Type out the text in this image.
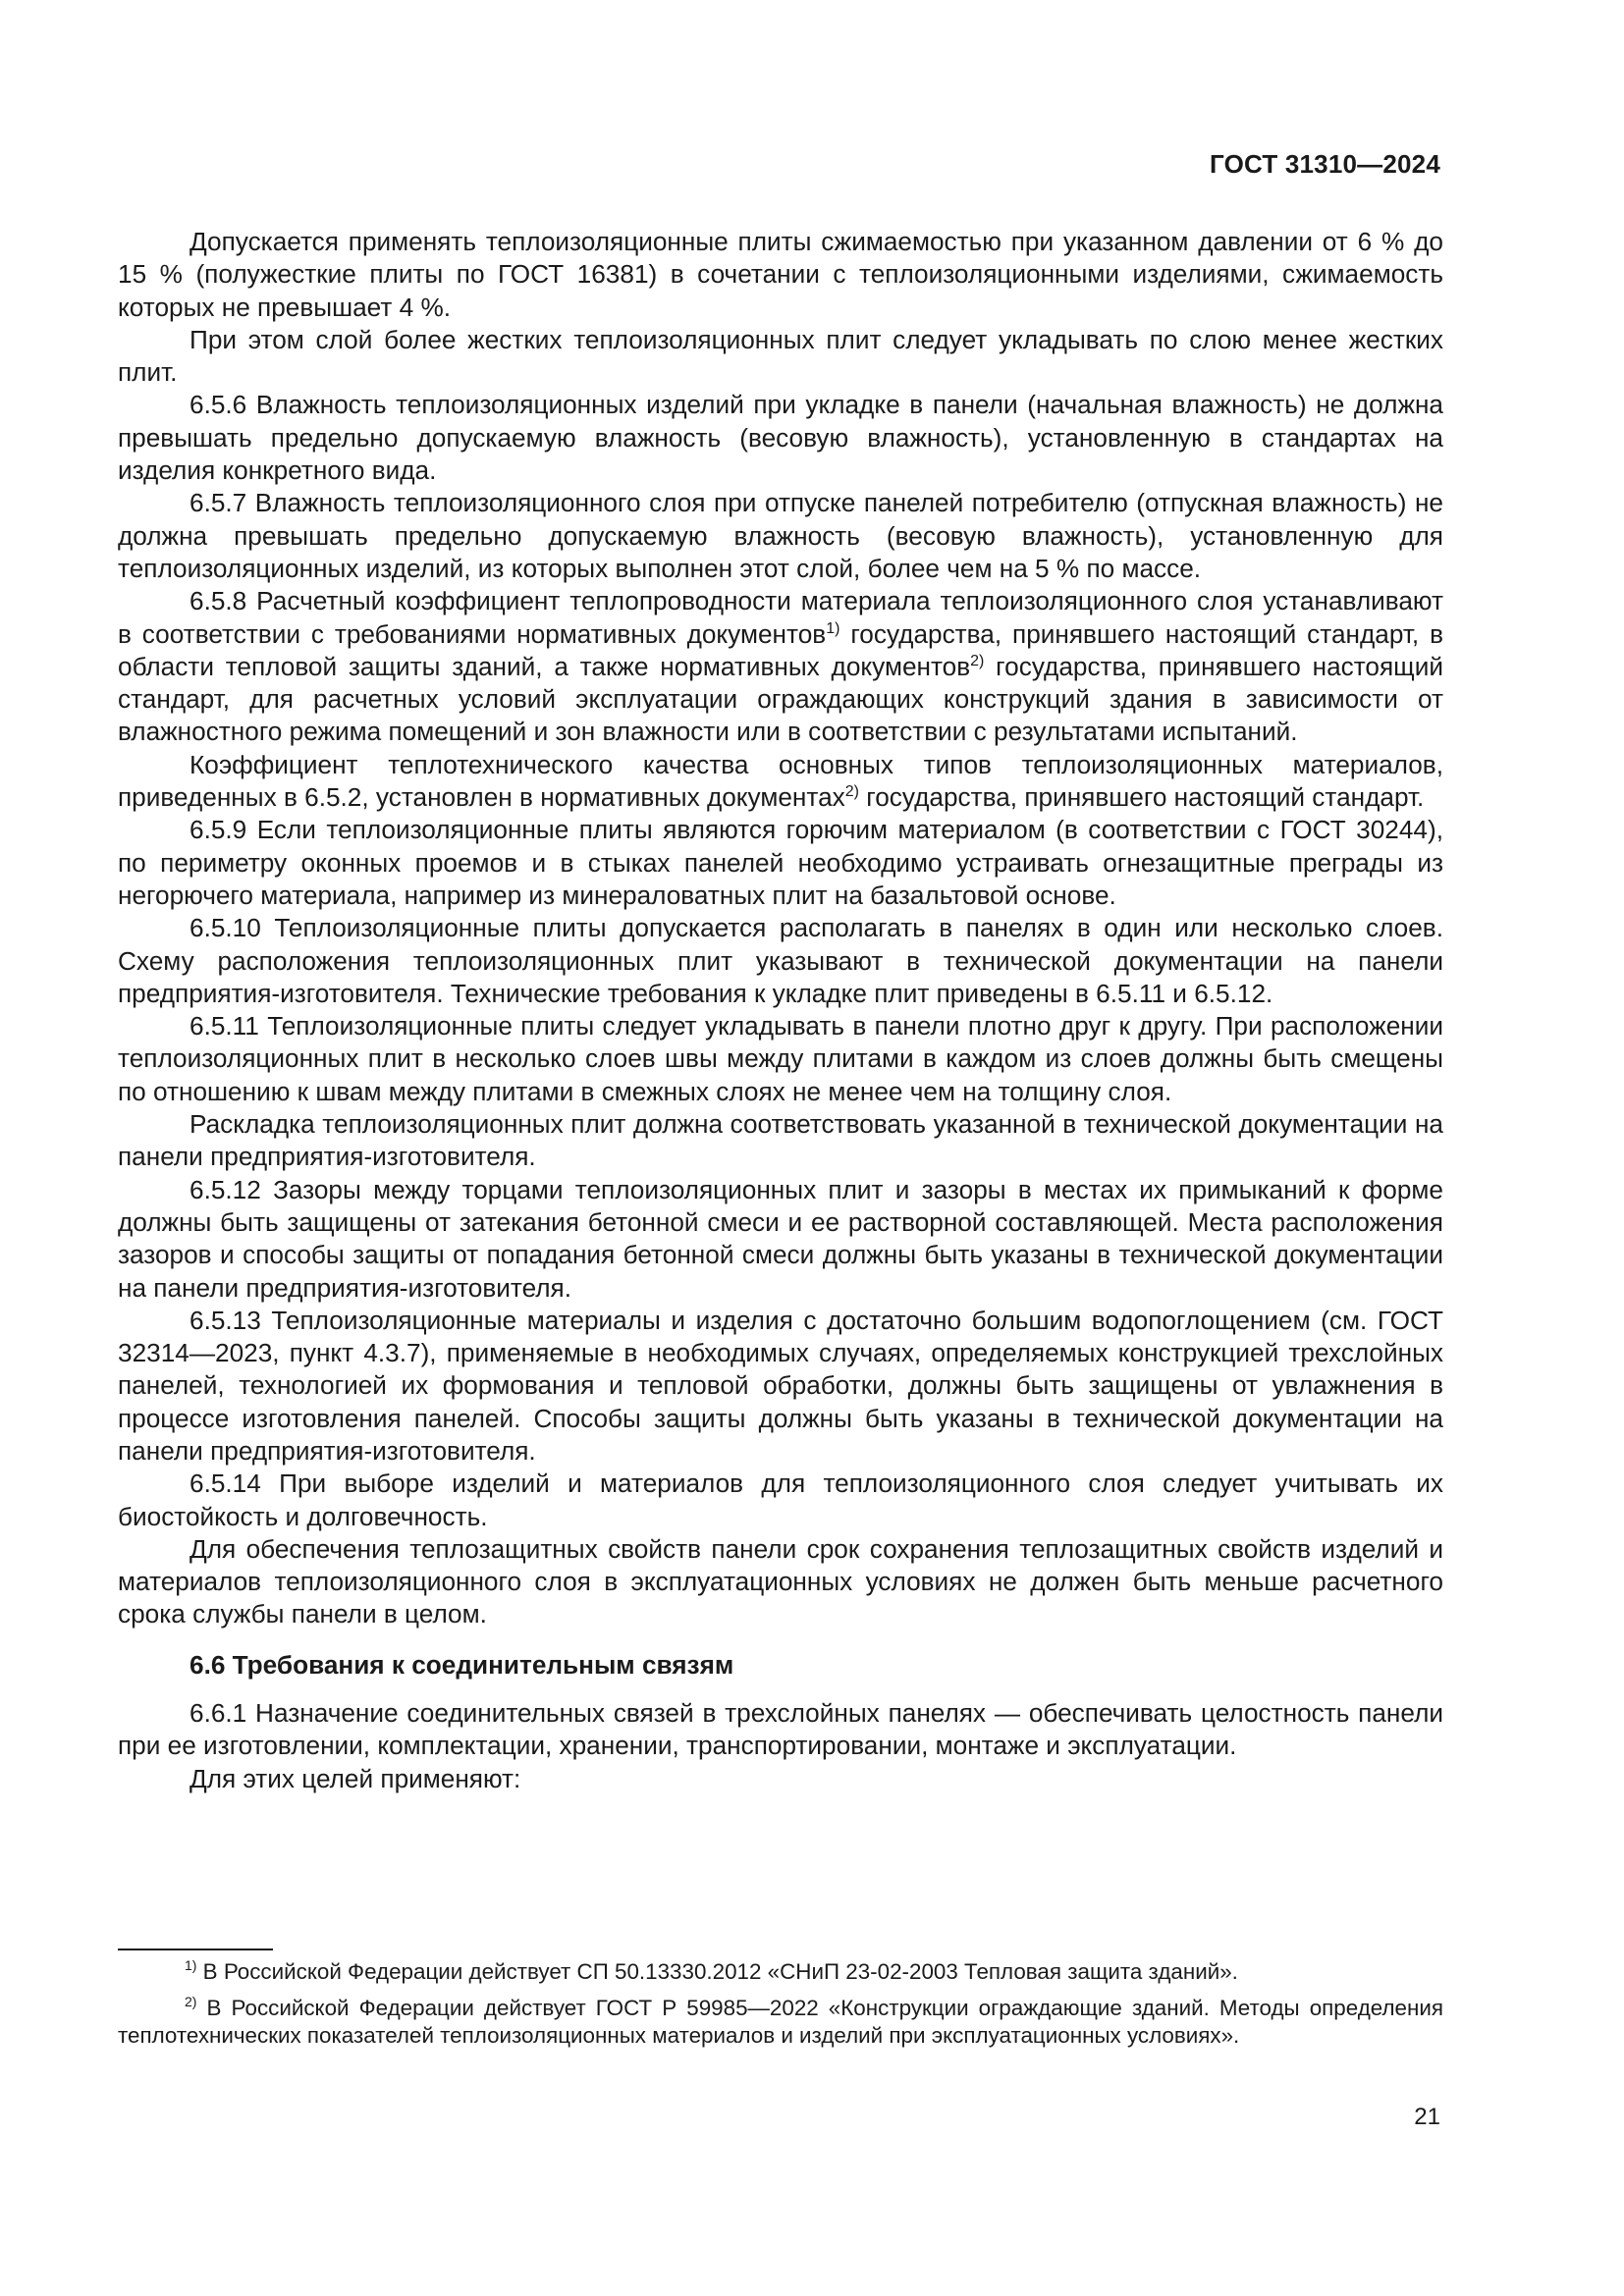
ГОСТ 31310—2024

Допускается применять теплоизоляционные плиты сжимаемостью при указанном давлении от 6 % до 15 % (полужесткие плиты по ГОСТ 16381) в сочетании с теплоизоляционными изделиями, сжимаемость которых не превышает 4 %.

При этом слой более жестких теплоизоляционных плит следует укладывать по слою менее жестких плит.

6.5.6 Влажность теплоизоляционных изделий при укладке в панели (начальная влажность) не должна превышать предельно допускаемую влажность (весовую влажность), установленную в стандартах на изделия конкретного вида.

6.5.7 Влажность теплоизоляционного слоя при отпуске панелей потребителю (отпускная влажность) не должна превышать предельно допускаемую влажность (весовую влажность), установленную для теплоизоляционных изделий, из которых выполнен этот слой, более чем на 5 % по массе.

6.5.8 Расчетный коэффициент теплопроводности материала теплоизоляционного слоя устанавливают в соответствии с требованиями нормативных документов$^{1)}$ государства, принявшего настоящий стандарт, в области тепловой защиты зданий, а также нормативных документов$^{2)}$ государства, принявшего настоящий стандарт, для расчетных условий эксплуатации ограждающих конструкций здания в зависимости от влажностного режима помещений и зон влажности или в соответствии с результатами испытаний.

Коэффициент теплотехнического качества основных типов теплоизоляционных материалов, приведенных в 6.5.2, установлен в нормативных документах$^{2)}$ государства, принявшего настоящий стандарт.

6.5.9 Если теплоизоляционные плиты являются горючим материалом (в соответствии с ГОСТ 30244), по периметру оконных проемов и в стыках панелей необходимо устраивать огнезащитные преграды из негорючего материала, например из минераловатных плит на базальтовой основе.

6.5.10 Теплоизоляционные плиты допускается располагать в панелях в один или несколько слоев. Схему расположения теплоизоляционных плит указывают в технической документации на панели предприятия-изготовителя. Технические требования к укладке плит приведены в 6.5.11 и 6.5.12.

6.5.11 Теплоизоляционные плиты следует укладывать в панели плотно друг к другу. При расположении теплоизоляционных плит в несколько слоев швы между плитами в каждом из слоев должны быть смещены по отношению к швам между плитами в смежных слоях не менее чем на толщину слоя.

Раскладка теплоизоляционных плит должна соответствовать указанной в технической документации на панели предприятия-изготовителя.

6.5.12 Зазоры между торцами теплоизоляционных плит и зазоры в местах их примыканий к форме должны быть защищены от затекания бетонной смеси и ее растворной составляющей. Места расположения зазоров и способы защиты от попадания бетонной смеси должны быть указаны в технической документации на панели предприятия-изготовителя.

6.5.13 Теплоизоляционные материалы и изделия с достаточно большим водопоглощением (см. ГОСТ 32314—2023, пункт 4.3.7), применяемые в необходимых случаях, определяемых конструкцией трехслойных панелей, технологией их формования и тепловой обработки, должны быть защищены от увлажнения в процессе изготовления панелей. Способы защиты должны быть указаны в технической документации на панели предприятия-изготовителя.

6.5.14 При выборе изделий и материалов для теплоизоляционного слоя следует учитывать их биостойкость и долговечность.

Для обеспечения теплозащитных свойств панели срок сохранения теплозащитных свойств изделий и материалов теплоизоляционного слоя в эксплуатационных условиях не должен быть меньше расчетного срока службы панели в целом.

6.6 Требования к соединительным связям

6.6.1 Назначение соединительных связей в трехслойных панелях — обеспечивать целостность панели при ее изготовлении, комплектации, хранении, транспортировании, монтаже и эксплуатации.

Для этих целей применяют:

$^{1)}$ В Российской Федерации действует СП 50.13330.2012 «СНиП 23-02-2003 Тепловая защита зданий».

$^{2)}$ В Российской Федерации действует ГОСТ Р 59985—2022 «Конструкции ограждающие зданий. Методы определения теплотехнических показателей теплоизоляционных материалов и изделий при эксплуатационных условиях».

21
